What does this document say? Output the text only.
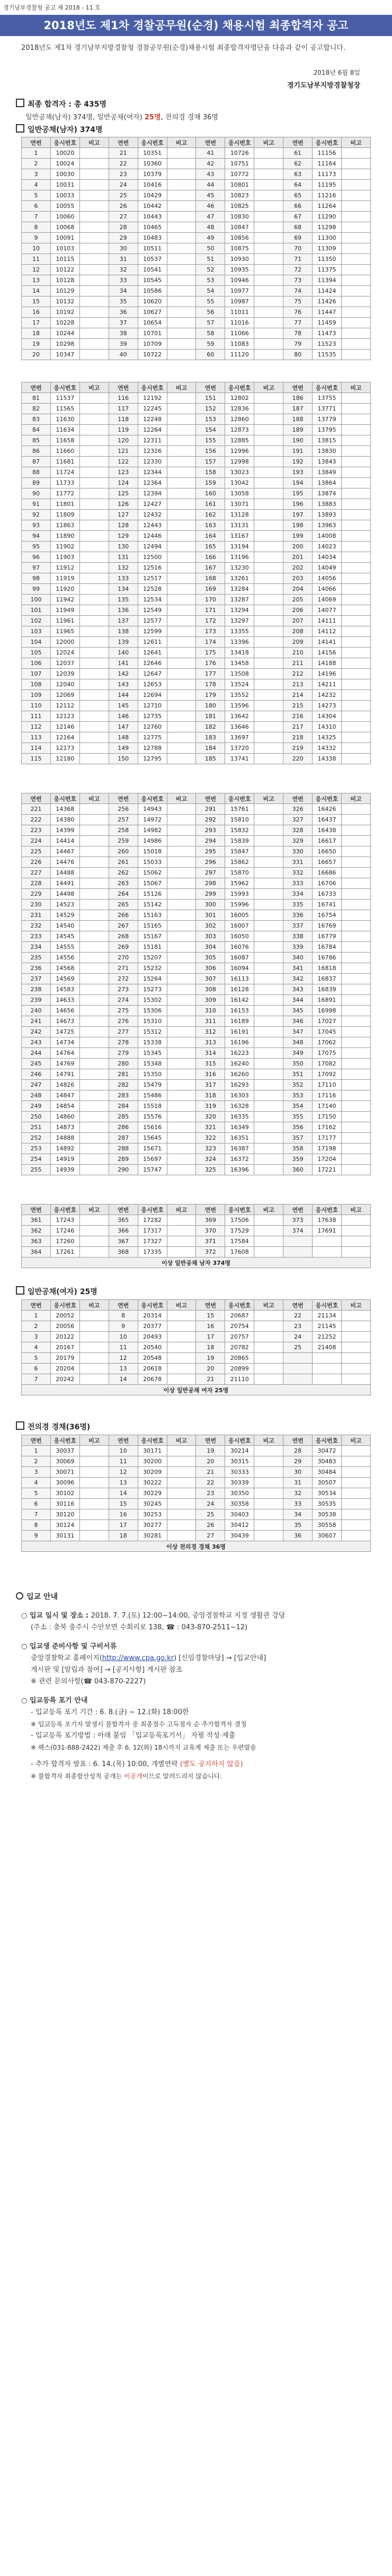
경기남부경찰청 공고 제 2018 - 11 호
2018년도 제1차 경찰공무원(순경) 채용시험 최종합격자 공고
2018년도 제1차 경기남부지방경찰청 경찰공무원(순경)채용시험 최종합격자명단을 다음과 같이 공고합니다.
2018년 6월 8일
경기도남부지방경찰청장
최종 합격자 : 총 435명
일반공채(남자) 374명, 일반공채(여자) 25명, 전의경 경채 36명
일반공채(남자) 374명
연번	응시번호	비고	연번	응시번호	비고	연번	응시번호	비고	연번	응시번호	비고
1	10020		21	10351		41	10726		61	11156	
2	10024		22	10360		42	10751		62	11164	
3	10030		23	10379		43	10772		63	11173	
4	10031		24	10416		44	10801		64	11195	
5	10033		25	10429		45	10823		65	11216	
6	10055		26	10442		46	10825		66	11264	
7	10060		27	10443		47	10830		67	11290	
8	10068		28	10465		48	10847		68	11298	
9	10091		29	10483		49	10856		69	11300	
10	10103		30	10511		50	10875		70	11309	
11	10115		31	10537		51	10930		71	11350	
12	10122		32	10541		52	10935		72	11375	
13	10128		33	10545		53	10946		73	11394	
14	10129		34	10586		54	10977		74	11424	
15	10132		35	10620		55	10987		75	11426	
16	10192		36	10627		56	11011		76	11447	
17	10228		37	10654		57	11016		77	11459	
18	10244		38	10701		58	11066		78	11473	
19	10298		39	10709		59	11083		79	11523	
20	10347		40	10722		60	11120		80	11535	
연번	응시번호	비고	연번	응시번호	비고	연번	응시번호	비고	연번	응시번호	비고
81	11537		116	12192		151	12802		186	13755	
82	11565		117	12245		152	12836		187	13771	
83	11630		118	12248		153	12860		188	13779	
84	11634		119	12264		154	12873		189	13795	
85	11658		120	12311		155	12885		190	13815	
86	11660		121	12326		156	12996		191	13830	
87	11681		122	12330		157	12998		192	13843	
88	11724		123	12344		158	13023		193	13849	
89	11733		124	12364		159	13042		194	13864	
90	11772		125	12394		160	13058		195	13874	
91	11801		126	12427		161	13071		196	13883	
92	11809		127	12432		162	13128		197	13893	
93	11863		128	12443		163	13131		198	13963	
94	11890		129	12446		164	13167		199	14008	
95	11902		130	12494		165	13194		200	14023	
96	11903		131	12500		166	13196		201	14034	
97	11912		132	12516		167	13230		202	14049	
98	11919		133	12517		168	13261		203	14056	
99	11920		134	12528		169	13284		204	14066	
100	11942		135	12534		170	13287		205	14069	
101	11949		136	12549		171	13294		206	14077	
102	11961		137	12577		172	13297		207	14111	
103	11965		138	12599		173	13355		208	14112	
104	12000		139	12611		174	13396		209	14141	
105	12024		140	12641		175	13418		210	14156	
106	12037		141	12646		176	13458		211	14188	
107	12039		142	12647		177	13508		212	14196	
108	12040		143	12653		178	13524		213	14211	
109	12069		144	12694		179	13552		214	14232	
110	12112		145	12710		180	13596		215	14273	
111	12123		146	12735		181	13642		216	14304	
112	12146		147	12760		182	13646		217	14310	
113	12164		148	12775		183	13697		218	14325	
114	12173		149	12788		184	13720		219	14332	
115	12180		150	12795		185	13741		220	14338	
연번	응시번호	비고	연번	응시번호	비고	연번	응시번호	비고	연번	응시번호	비고
221	14368		256	14943		291	15761		326	16426	
222	14380		257	14972		292	15810		327	16437	
223	14399		258	14982		293	15832		328	16438	
224	14414		259	14986		294	15839		329	16617	
225	14467		260	15018		295	15847		330	16650	
226	14476		261	15033		296	15862		331	16657	
227	14488		262	15062		297	15870		332	16686	
228	14491		263	15067		298	15962		333	16706	
229	14498		264	15126		299	15993		334	16733	
230	14523		265	15142		300	15996		335	16741	
231	14529		266	15163		301	16005		336	16754	
232	14540		267	15165		302	16007		337	16769	
233	14545		268	15167		303	16050		338	16779	
234	14555		269	15181		304	16076		339	16784	
235	14556		270	15207		305	16087		340	16786	
236	14568		271	15232		306	16094		341	16818	
237	14569		272	15264		307	16113		342	16837	
238	14583		273	15273		308	16128		343	16839	
239	14633		274	15302		309	16142		344	16891	
240	14656		275	15306		310	16153		345	16998	
241	14673		276	15310		311	16189		346	17027	
242	14725		277	15312		312	16191		347	17045	
243	14734		278	15338		313	16196		348	17062	
244	14764		279	15345		314	16223		349	17075	
245	14769		280	15348		315	16240		350	17082	
246	14791		281	15350		316	16260		351	17092	
247	14826		282	15479		317	16293		352	17110	
248	14847		283	15486		318	16303		353	17116	
249	14854		284	15518		319	16328		354	17140	
250	14860		285	15576		320	16335		355	17150	
251	14873		286	15616		321	16349		356	17162	
252	14888		287	15645		322	16351		357	17177	
253	14892		288	15671		323	16387		358	17198	
254	14919		289	15697		324	16372		359	17204	
255	14939		290	15747		325	16396		360	17221	
연번	응시번호	비고	연번	응시번호	비고	연번	응시번호	비고	연번	응시번호	비고
361	17243		365	17282		369	17506		373	17638	
362	17246		366	17317		370	17529		374	17691	
363	17260		367	17327		371	17584				
364	17261		368	17335		372	17608				
이상 일반공채 남자 374명											
일반공채(여자) 25명
연번	응시번호	비고	연번	응시번호	비고	연번	응시번호	비고	연번	응시번호	비고
1	20052		8	20314		15	20687		22	21134	
2	20056		9	20377		16	20754		23	21145	
3	20122		10	20493		17	20757		24	21252	
4	20167		11	20540		18	20782		25	21408	
5	20179		12	20548		19	20865				
6	20204		13	20618		20	20899				
7	20242		14	20678		21	21110				
이상 일반공채 여자 25명											
전의경 경채(36명)
연번	응시번호	비고	연번	응시번호	비고	연번	응시번호	비고	연번	응시번호	비고
1	30037		10	30171		19	30214		28	30472	
2	30069		11	30200		20	30315		29	30483	
3	30071		12	30209		21	30333		30	30484	
4	30096		13	30222		22	30339		31	30507	
5	30102		14	30229		23	30350		32	30534	
6	30116		15	30245		24	30358		33	30535	
7	30120		16	30253		25	30403		34	30538	
8	30124		17	30277		26	30412		35	30558	
9	30131		18	30281		27	30439		36	30607	
이상 전의경 경채 36명											
입교 안내
○ 입교 일시 및 장소 : 2018. 7. 7.(토) 12:00~14:00, 중앙경찰학교 지정 생활관 강당
(주소 : 충북 충주시 수안보면 수회리로 138, ☎ : 043-870-2511~12)
○ 입교생 준비사항 및 구비서류
중앙경찰학교 홈페이지(http://www.cpa.go.kr) [신임경찰마당] → [입교안내]
게시판 및 [알림과 참여] → [공지사항] 게시판 참조
※ 관련 문의사항(☎ 043-870-2227)
○ 입교등록 포기 안내
- 입교등록 포기 기간 : 6. 8.(금) ~ 12.(화) 18:00한
※ 입교등록 포기자 발생시 불합격자 중 최종점수 고득점자 순 추가합격자 결정
- 입교등록 포기방법 : 아래 붙임 「입교등록포기서」 자필 작성·제출
※ 팩스(031-888-2422) 제출 후 6. 12(화) 18시까지 교육계 제출 또는 우편발송
- 추가 합격자 발표 : 6. 14.(목) 10:00, 개별연락 (별도 공지하지 않음)
※ 불합격자 최종합산성적 공개는 비공개이므로 알려드리지 않습니다.
